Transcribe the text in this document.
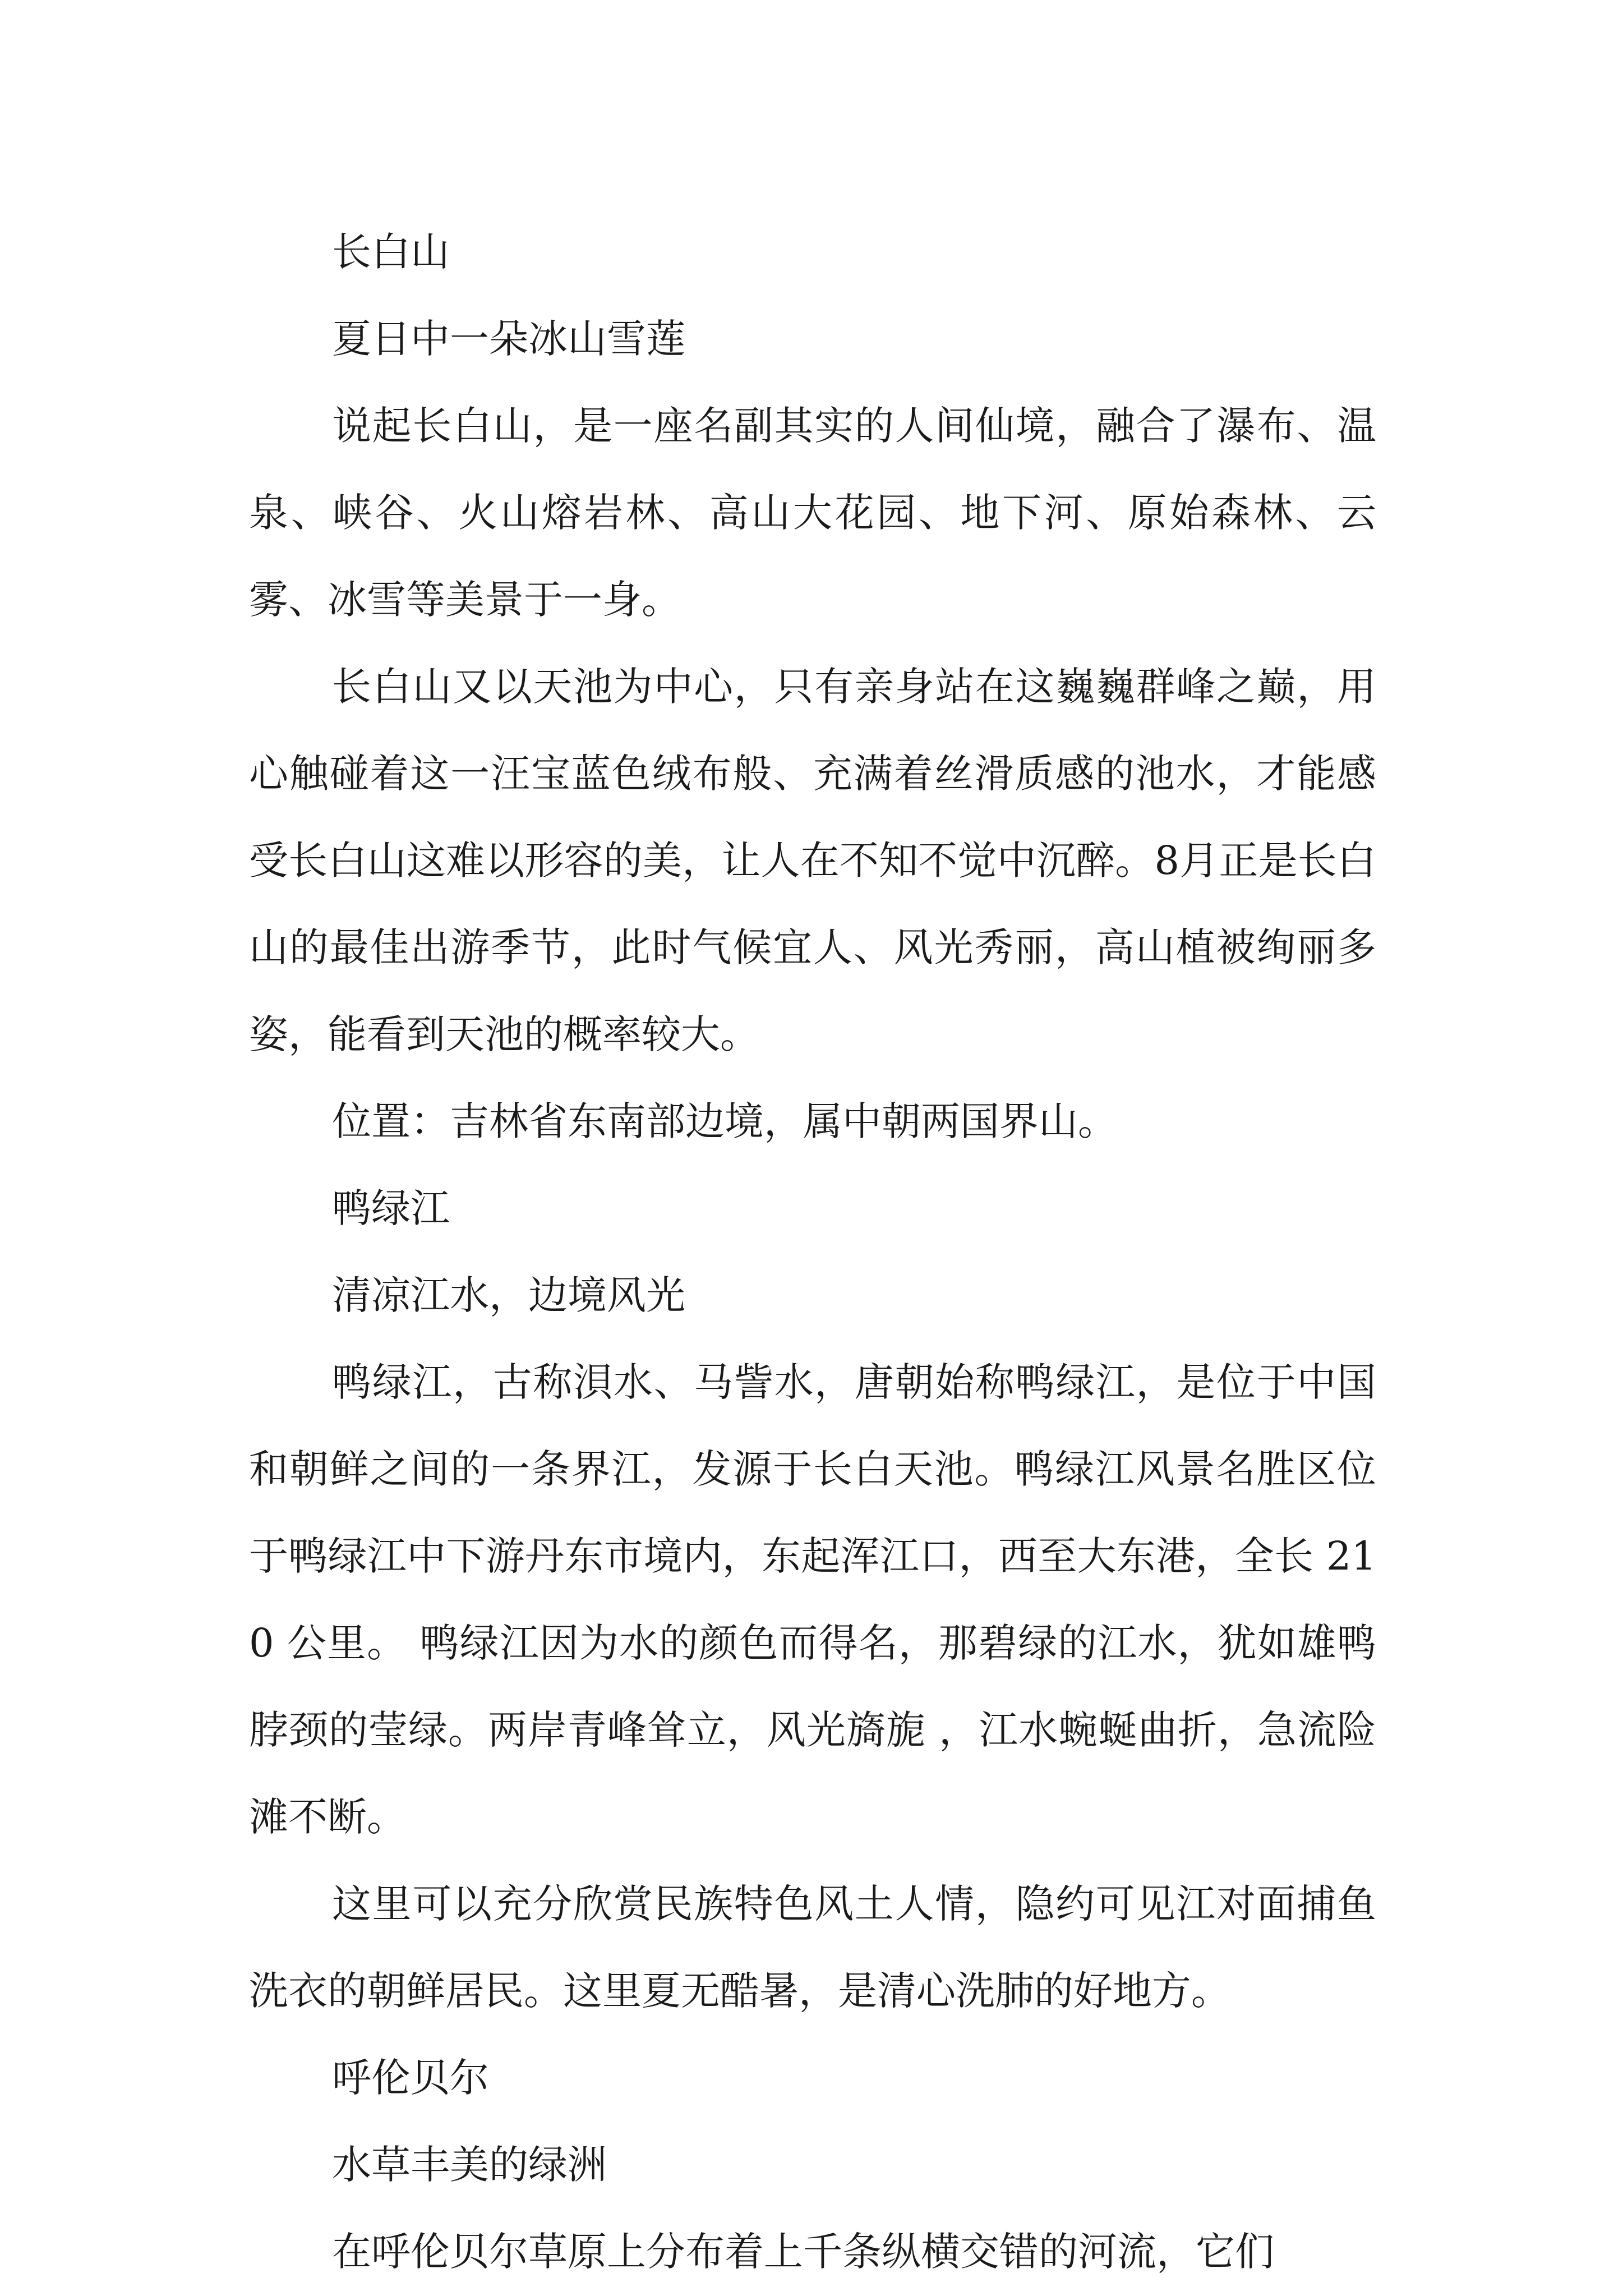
长白山

夏日中一朵冰山雪莲

说起长白山，是一座名副其实的人间仙境，融合了瀑布、温泉、峡谷、火山熔岩林、高山大花园、地下河、原始森林、云雾、冰雪等美景于一身。

长白山又以天池为中心，只有亲身站在这巍巍群峰之巅，用心触碰着这一汪宝蓝色绒布般、充满着丝滑质感的池水，才能感受长白山这难以形容的美，让人在不知不觉中沉醉。8月正是长白山的最佳出游季节，此时气候宜人、风光秀丽，高山植被绚丽多姿，能看到天池的概率较大。

位置：吉林省东南部边境，属中朝两国界山。

鸭绿江

清凉江水，边境风光

鸭绿江，古称浿水、马訾水，唐朝始称鸭绿江，是位于中国和朝鲜之间的一条界江，发源于长白天池。鸭绿江风景名胜区位于鸭绿江中下游丹东市境内，东起浑江口，西至大东港，全长 210 公里。 鸭绿江因为水的颜色而得名，那碧绿的江水，犹如雄鸭脖颈的莹绿。两岸青峰耸立，风光旖旎 ，江水蜿蜒曲折，急流险滩不断。

这里可以充分欣赏民族特色风土人情，隐约可见江对面捕鱼洗衣的朝鲜居民。这里夏无酷暑，是清心洗肺的好地方。

呼伦贝尔

水草丰美的绿洲

在呼伦贝尔草原上分布着上千条纵横交错的河流，它们
